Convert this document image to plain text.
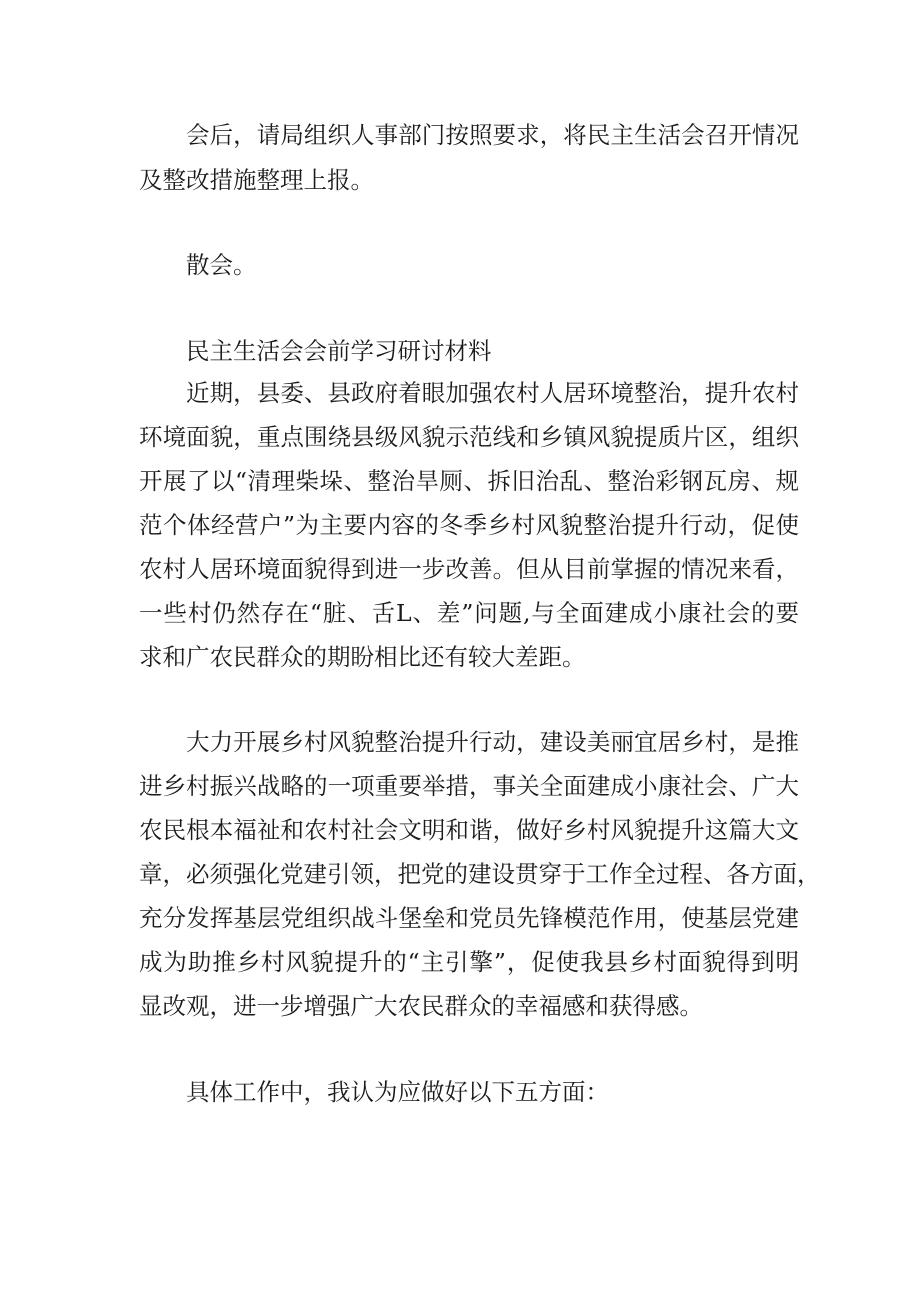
会后，请局组织人事部门按照要求，将民主生活会召开情况
及整改措施整理上报。
散会。
民主生活会会前学习研讨材料
近期，县委、县政府着眼加强农村人居环境整治，提升农村
环境面貌，重点围绕县级风貌示范线和乡镇风貌提质片区，组织
开展了以“清理柴垛、整治旱厕、拆旧治乱、整治彩钢瓦房、规
范个体经营户”为主要内容的冬季乡村风貌整治提升行动，促使
农村人居环境面貌得到进一步改善。但从目前掌握的情况来看，
一些村仍然存在“脏、舌L、差”问题,与全面建成小康社会的要
求和广农民群众的期盼相比还有较大差距。
大力开展乡村风貌整治提升行动，建设美丽宜居乡村，是推
进乡村振兴战略的一项重要举措，事关全面建成小康社会、广大
农民根本福祉和农村社会文明和谐，做好乡村风貌提升这篇大文
章，必须强化党建引领，把党的建设贯穿于工作全过程、各方面，
充分发挥基层党组织战斗堡垒和党员先锋模范作用，使基层党建
成为助推乡村风貌提升的“主引擎”，促使我县乡村面貌得到明
显改观，进一步增强广大农民群众的幸福感和获得感。
具体工作中，我认为应做好以下五方面：
